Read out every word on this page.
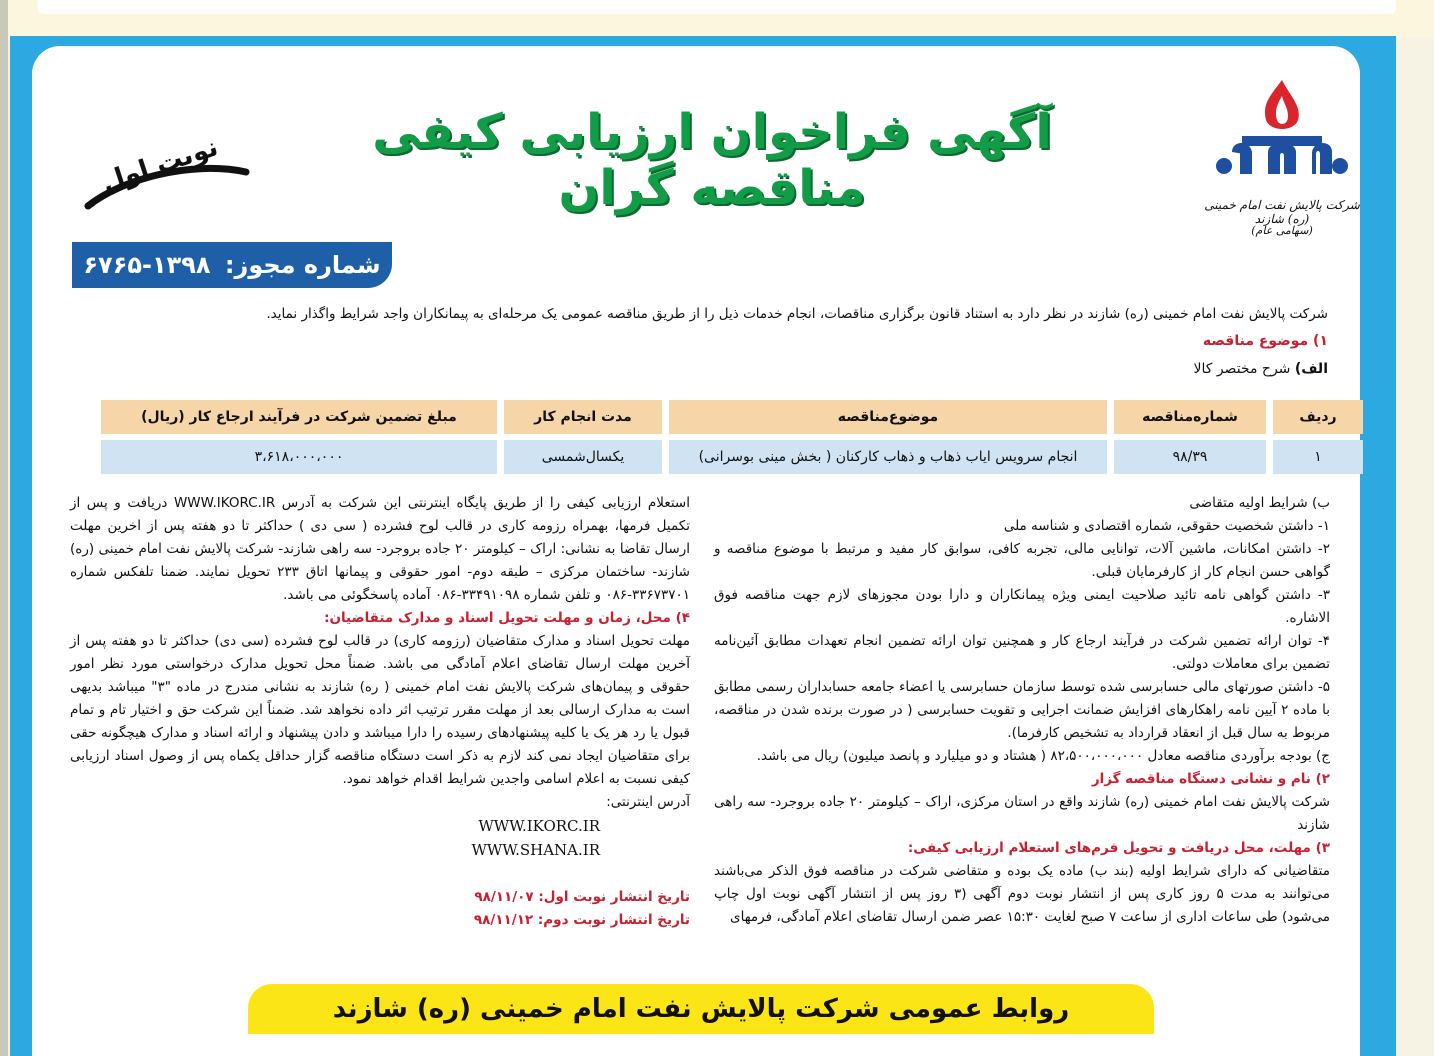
شرکت پالایش نفت امام خمینی (ره) شازند
(سهامی عام)
آگهی فراخوان ارزیابی کیفی مناقصه گران
نوبت اول
شماره مجوز: ۱۳۹۸-۶۷۶۵
شرکت پالایش نفت امام خمینی (ره) شازند در نظر دارد به استناد قانون برگزاری مناقصات، انجام خدمات ذیل را از طریق مناقصه عمومی یک مرحله‌ای به پیمانکاران واجد شرایط واگذار نماید.
۱) موضوع مناقصه
الف) شرح مختصر کالا
ردیف	شماره‌مناقصه	موضوع‌مناقصه	مدت انجام کار	مبلغ تضمین شرکت در فرآیند ارجاع کار (ریال)
۱	۹۸/۳۹	انجام سرویس ایاب ذهاب و ذهاب کارکنان ( بخش مینی بوسرانی)	یکسال‌شمسی	۳،۶۱۸،۰۰۰،۰۰۰

ب) شرایط اولیه متقاضی

۱- داشتن شخصیت حقوقی، شماره اقتصادی و شناسه ملی

۲- داشتن امکانات، ماشین آلات، توانایی مالی، تجربه کافی، سوابق کار مفید و مرتبط با موضوع مناقصه و گواهی حسن انجام کار از کارفرمایان قبلی.

۳- داشتن گواهی نامه تائید صلاحیت ایمنی ویژه پیمانکاران و دارا بودن مجوزهای لازم جهت مناقصه فوق الاشاره.

۴- توان ارائه تضمین شرکت در فرآیند ارجاع کار و همچنین توان ارائه تضمین انجام تعهدات مطابق آئین‌نامه تضمین برای معاملات دولتی.

۵- داشتن صورتهای مالی حسابرسی شده توسط سازمان حسابرسی یا اعضاء جامعه حسابداران رسمی مطابق با ماده ۲ آیین نامه راهکارهای افزایش ضمانت اجرایی و تقویت حسابرسی ( در صورت برنده شدن در مناقصه، مربوط به سال قبل از انعقاد قرارداد به تشخیص کارفرما).

ج) بودجه برآوردی مناقصه معادل ۸۲،۵۰۰،۰۰۰،۰۰۰ ( هشتاد و دو میلیارد و پانصد میلیون) ریال می باشد.

۲) نام و نشانی دستگاه مناقصه گزار

شرکت پالایش نفت امام خمینی (ره) شازند واقع در استان مرکزی، اراک – کیلومتر ۲۰ جاده بروجرد- سه راهی شازند

۳) مهلت، محل دریافت و تحویل فرم‌های استعلام ارزیابی کیفی:

متقاضیانی که دارای شرایط اولیه (بند ب) ماده یک بوده و متقاضی شرکت در مناقصه فوق الذکر می‌باشند می‌توانند به مدت ۵ روز کاری پس از انتشار نوبت دوم آگهی (۳ روز پس از انتشار آگهی نوبت اول چاپ می‌شود) طی ساعات اداری از ساعت ۷ صبح لغایت ۱۵:۳۰ عصر ضمن ارسال تقاضای اعلام آمادگی، فرمهای

استعلام ارزیابی کیفی را از طریق پایگاه اینترنتی این شرکت به آدرس WWW.IKORC.IR دریافت و پس از تکمیل فرمها، بهمراه رزومه کاری در قالب لوح فشرده ( سی دی ) حداکثر تا دو هفته پس از اخرین مهلت ارسال تقاضا به نشانی: اراک – کیلومتر ۲۰ جاده بروجرد- سه راهی شازند- شرکت پالایش نفت امام خمینی (ره) شازند- ساختمان مرکزی – طبقه دوم- امور حقوقی و پیمانها اتاق ۲۳۳ تحویل نمایند. ضمنا تلفکس شماره ۳۳۶۷۳۷۰۱-۰۸۶ و تلفن شماره ۳۳۴۹۱۰۹۸-۰۸۶ آماده پاسخگوئی می باشد.

۴) محل، زمان و مهلت تحویل اسناد و مدارک متقاضیان:

مهلت تحویل اسناد و مدارک متقاضیان (رزومه کاری) در قالب لوح فشرده (سی دی) حداکثر تا دو هفته پس از آخرین مهلت ارسال تقاضای اعلام آمادگی می باشد. ضمناً محل تحویل مدارک درخواستی مورد نظر امور حقوقی و پیمان‌های شرکت پالایش نفت امام خمینی ( ره) شازند به نشانی مندرج در ماده "۳" میباشد بدیهی است به مدارک ارسالی بعد از مهلت مقرر ترتیب اثر داده نخواهد شد. ضمناً این شرکت حق و اختیار تام و تمام قبول یا رد هر یک یا کلیه پیشنهادهای رسیده را دارا میباشد و دادن پیشنهاد و ارائه اسناد و مدارک هیچگونه حقی برای متقاضیان ایجاد نمی کند لازم به ذکر است دستگاه مناقصه گزار حداقل یکماه پس از وصول اسناد ارزیابی کیفی نسبت به اعلام اسامی واجدین شرایط اقدام خواهد نمود.

آدرس اینترنتی:

WWW.IKORC.IR

WWW.SHANA.IR

تاریخ انتشار نوبت اول: ۹۸/۱۱/۰۷

تاریخ انتشار نوبت دوم: ۹۸/۱۱/۱۲

روابط عمومی شرکت پالایش نفت امام خمینی (ره) شازند
